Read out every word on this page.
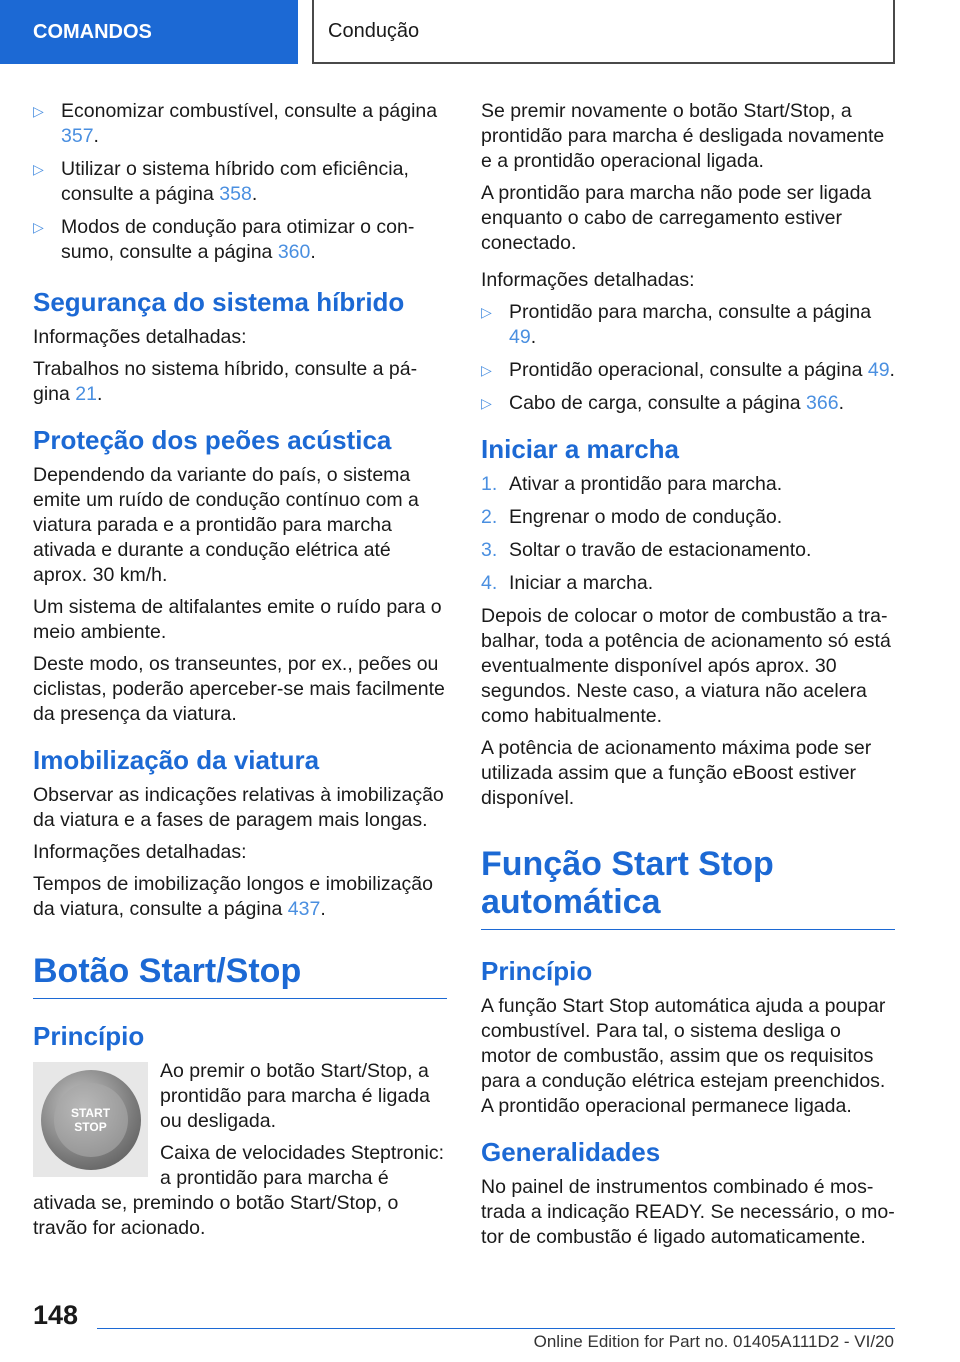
COMANDOS	Condução
▷ Economizar combustível, consulte a página 357.
▷ Utilizar o sistema híbrido com eficiência, consulte a página 358.
▷ Modos de condução para otimizar o consumo, consulte a página 360.
Segurança do sistema híbrido

Informações detalhadas:

Trabalhos no sistema híbrido, consulte a página 21.

Proteção dos peões acústica

Dependendo da variante do país, o sistema emite um ruído de condução contínuo com a viatura parada e a prontidão para marcha ativada e durante a condução elétrica até aprox. 30 km/h.

Um sistema de altifalantes emite o ruído para o meio ambiente.

Deste modo, os transeuntes, por ex., peões ou ciclistas, poderão aperceber-se mais facilmente da presença da viatura.

Imobilização da viatura

Observar as indicações relativas à imobilização da viatura e a fases de paragem mais longas.

Informações detalhadas:

Tempos de imobilização longos e imobilização da viatura, consulte a página 437.

Botão Start/Stop
Princípio
START
STOP

Ao premir o botão Start/Stop, a prontidão para marcha é ligada ou desligada.

Caixa de velocidades Steptronic: a prontidão para marcha é ativada se, premindo o botão Start/Stop, o travão for acionado.

Se premir novamente o botão Start/Stop, a prontidão para marcha é desligada novamente e a prontidão operacional ligada.

A prontidão para marcha não pode ser ligada enquanto o cabo de carregamento estiver conectado.

Informações detalhadas:

▷ Prontidão para marcha, consulte a página 49.
▷ Prontidão operacional, consulte a página 49.
▷ Cabo de carga, consulte a página 366.
Iniciar a marcha
1. Ativar a prontidão para marcha.
2. Engrenar o modo de condução.
3. Soltar o travão de estacionamento.
4. Iniciar a marcha.

Depois de colocar o motor de combustão a trabalhar, toda a potência de acionamento só está eventualmente disponível após aprox. 30 segundos. Neste caso, a viatura não acelera como habitualmente.

A potência de acionamento máxima pode ser utilizada assim que a função eBoost estiver disponível.

Função Start Stop automática
Princípio

A função Start Stop automática ajuda a poupar combustível. Para tal, o sistema desliga o motor de combustão, assim que os requisitos para a condução elétrica estejam preenchidos. A prontidão operacional permanece ligada.

Generalidades

No painel de instrumentos combinado é mostrada a indicação READY. Se necessário, o motor de combustão é ligado automaticamente.

148
Online Edition for Part no. 01405A111D2 - VI/20
